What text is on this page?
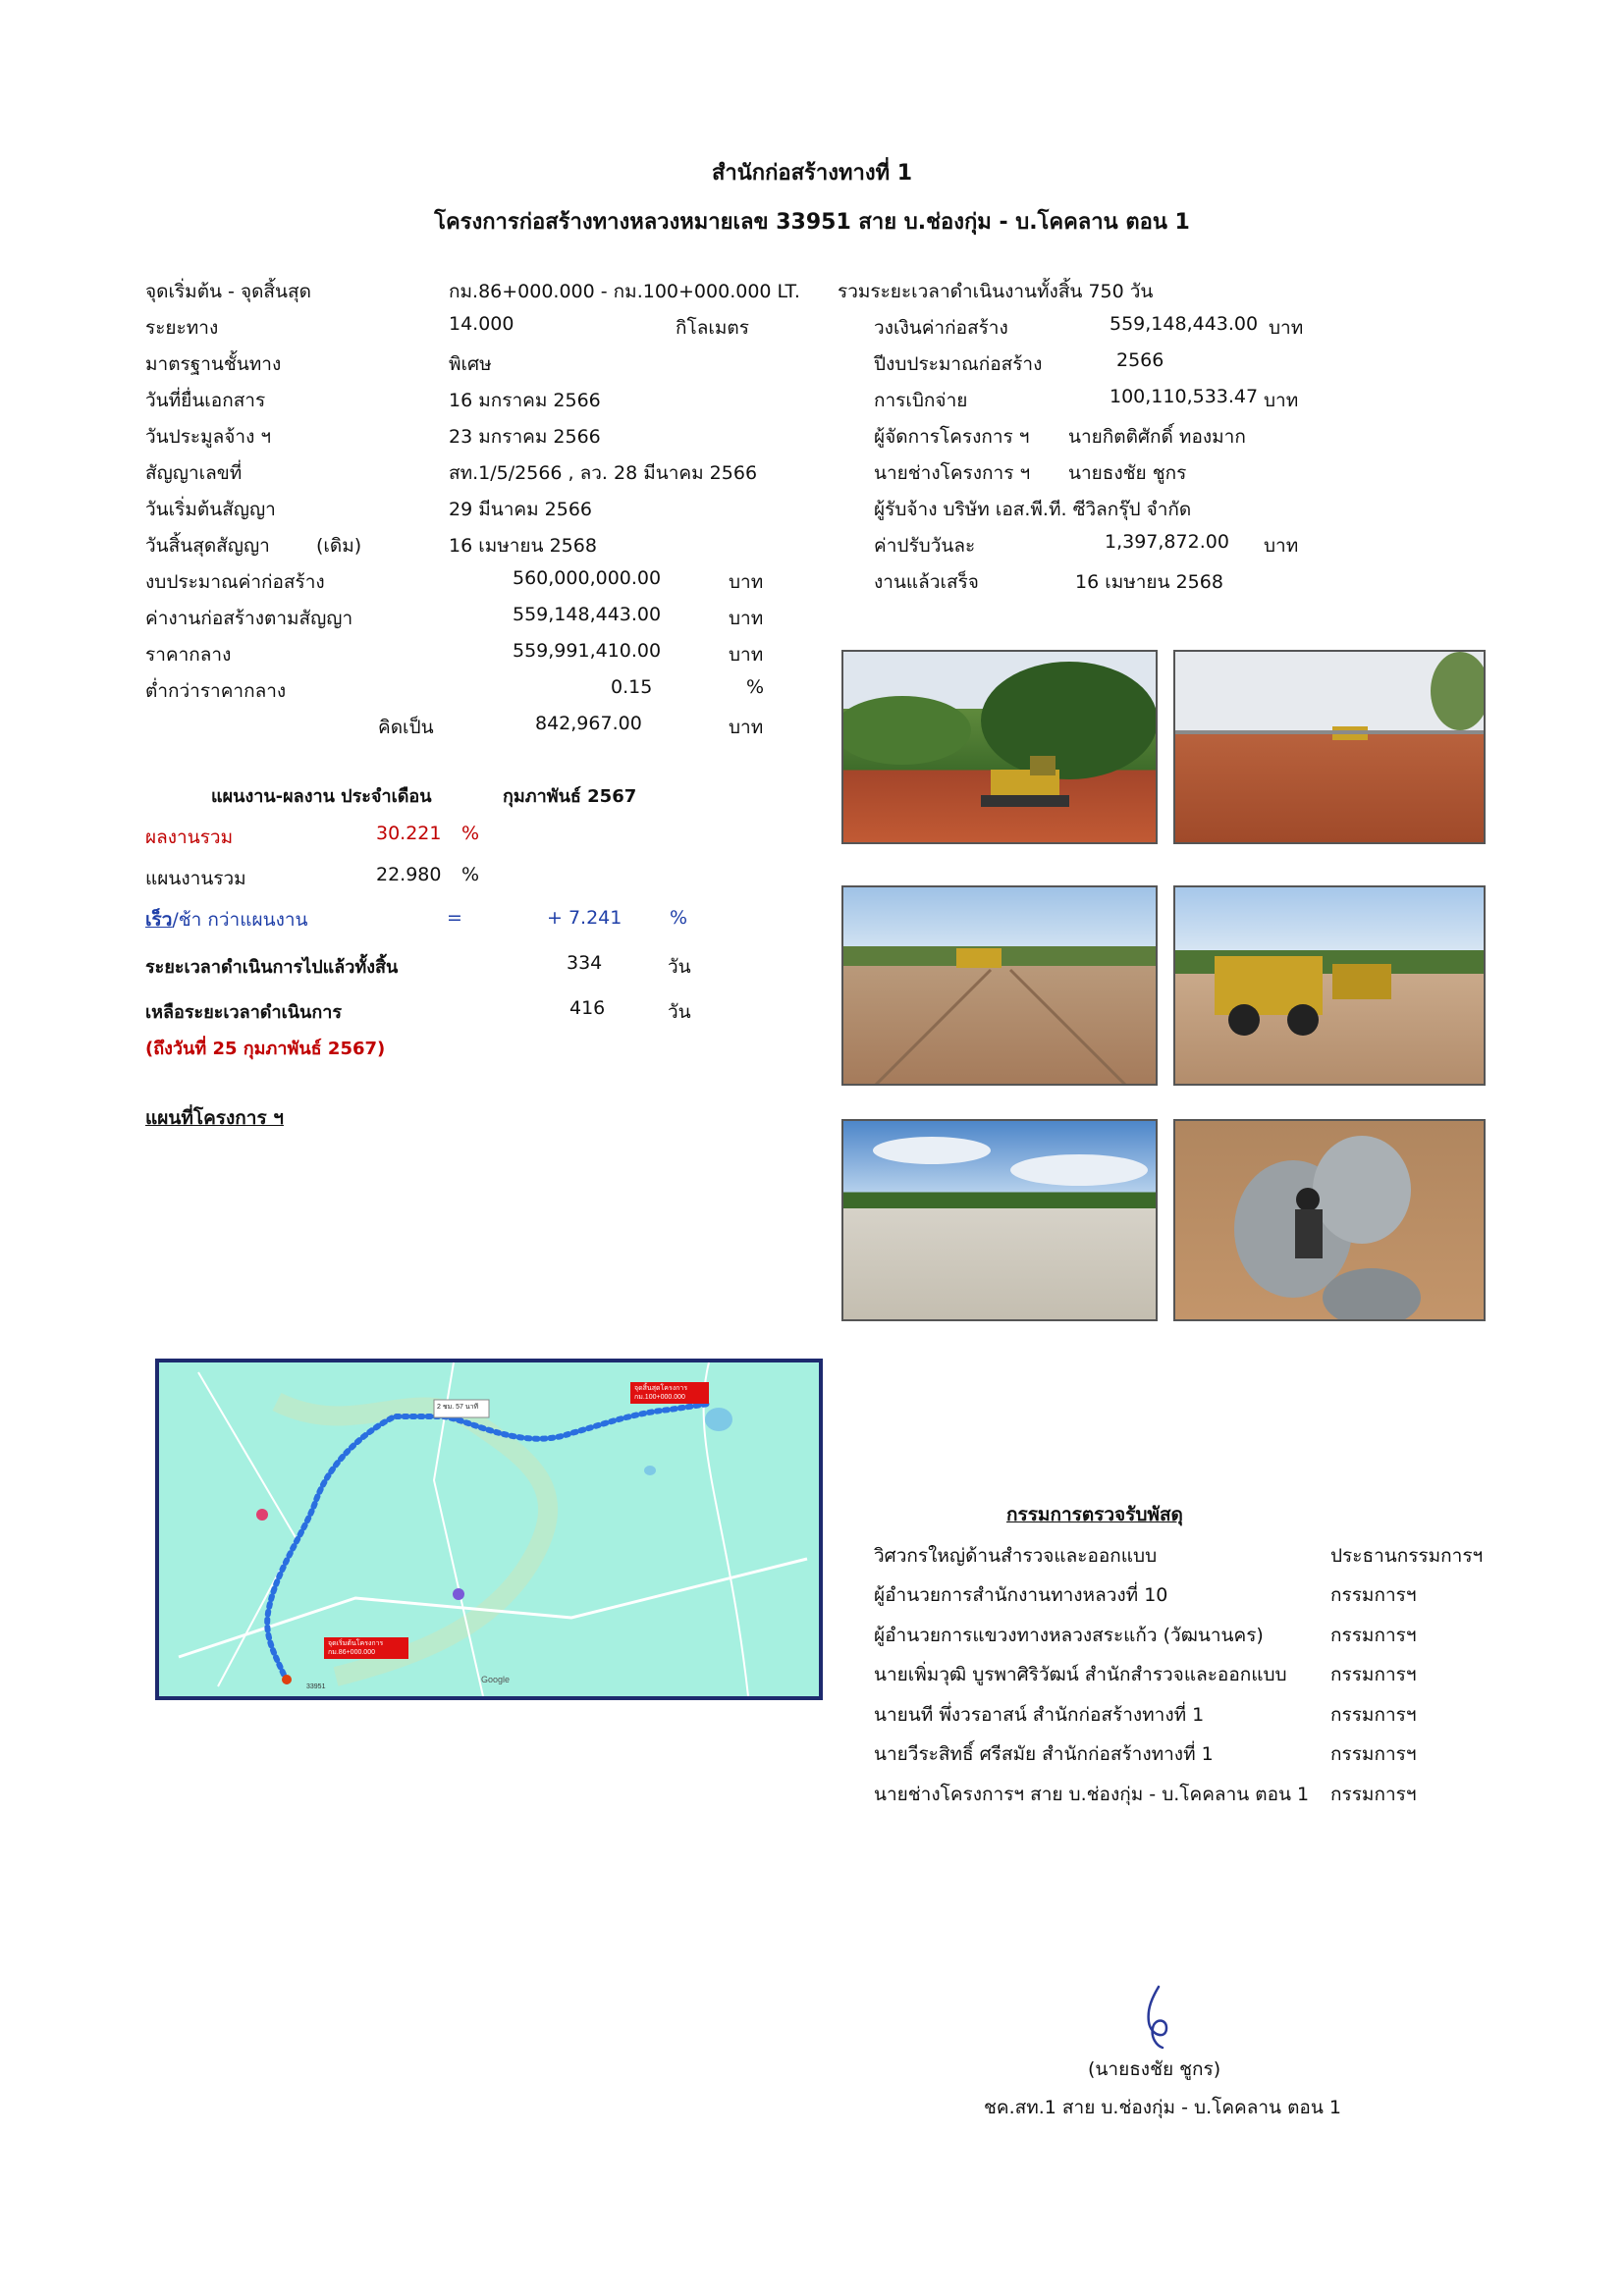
สำนักก่อสร้างทางที่ 1
โครงการก่อสร้างทางหลวงหมายเลข 33951 สาย บ.ช่องกุ่ม - บ.โคคลาน ตอน 1
จุดเริ่มต้น - จุดสิ้นสุด	กม.86+000.000 - กม.100+000.000 LT.
ระยะทาง	14.000	กิโลเมตร
มาตรฐานชั้นทาง	พิเศษ
วันที่ยื่นเอกสาร	16 มกราคม 2566
วันประมูลจ้าง ฯ	23 มกราคม 2566
สัญญาเลขที่	สท.1/5/2566 , ลว. 28 มีนาคม 2566
วันเริ่มต้นสัญญา	29 มีนาคม 2566
วันสิ้นสุดสัญญา (เดิม)	16 เมษายน 2568
งบประมาณค่าก่อสร้าง	560,000,000.00	บาท
ค่างานก่อสร้างตามสัญญา	559,148,443.00	บาท
ราคากลาง	559,991,410.00	บาท
ต่ำกว่าราคากลาง	0.15	%
คิดเป็น	842,967.00	บาท
รวมระยะเวลาดำเนินงานทั้งสิ้น 750 วัน
วงเงินค่าก่อสร้าง	559,148,443.00 บาท
ปีงบประมาณก่อสร้าง	2566
การเบิกจ่าย	100,110,533.47 บาท
ผู้จัดการโครงการ ฯ นายกิตติศักดิ์ ทองมาก
นายช่างโครงการ ฯ นายธงชัย ชูกร
ผู้รับจ้าง บริษัท เอส.พี.ที. ซีวิลกรุ๊ป จำกัด
ค่าปรับวันละ	1,397,872.00 บาท
งานแล้วเสร็จ	16 เมษายน 2568
แผนงาน-ผลงาน ประจำเดือน	กุมภาพันธ์ 2567
ผลงานรวม	30.221 %
แผนงานรวม	22.980 %
เร็ว/ช้า กว่าแผนงาน	=	+ 7.241	%
ระยะเวลาดำเนินการไปแล้วทั้งสิ้น	334	วัน
เหลือระยะเวลาดำเนินการ	416	วัน
(ถึงวันที่ 25 กุมภาพันธ์ 2567)
แผนที่โครงการ ฯ
33951
2 ชม. 57 นาที
จุดสิ้นสุดโครงการ
กม.100+000.000
จุดเริ่มต้นโครงการ
กม.86+000.000
Google
กรรมการตรวจรับพัสดุ
วิศวกรใหญ่ด้านสำรวจและออกแบบ	ประธานกรรมการฯ
ผู้อำนวยการสำนักงานทางหลวงที่ 10	กรรมการฯ
ผู้อำนวยการแขวงทางหลวงสระแก้ว (วัฒนานคร)	กรรมการฯ
นายเพิ่มวุฒิ บูรพาศิริวัฒน์ สำนักสำรวจและออกแบบ กรรมการฯ
นายนที พึ่งวรอาสน์ สำนักก่อสร้างทางที่ 1	กรรมการฯ
นายวีระสิทธิ์ ศรีสมัย สำนักก่อสร้างทางที่ 1	กรรมการฯ
นายช่างโครงการฯ สาย บ.ช่องกุ่ม - บ.โคคลาน ตอน 1 กรรมการฯ
(นายธงชัย ชูกร)
ชค.สท.1 สาย บ.ช่องกุ่ม - บ.โคคลาน ตอน 1
